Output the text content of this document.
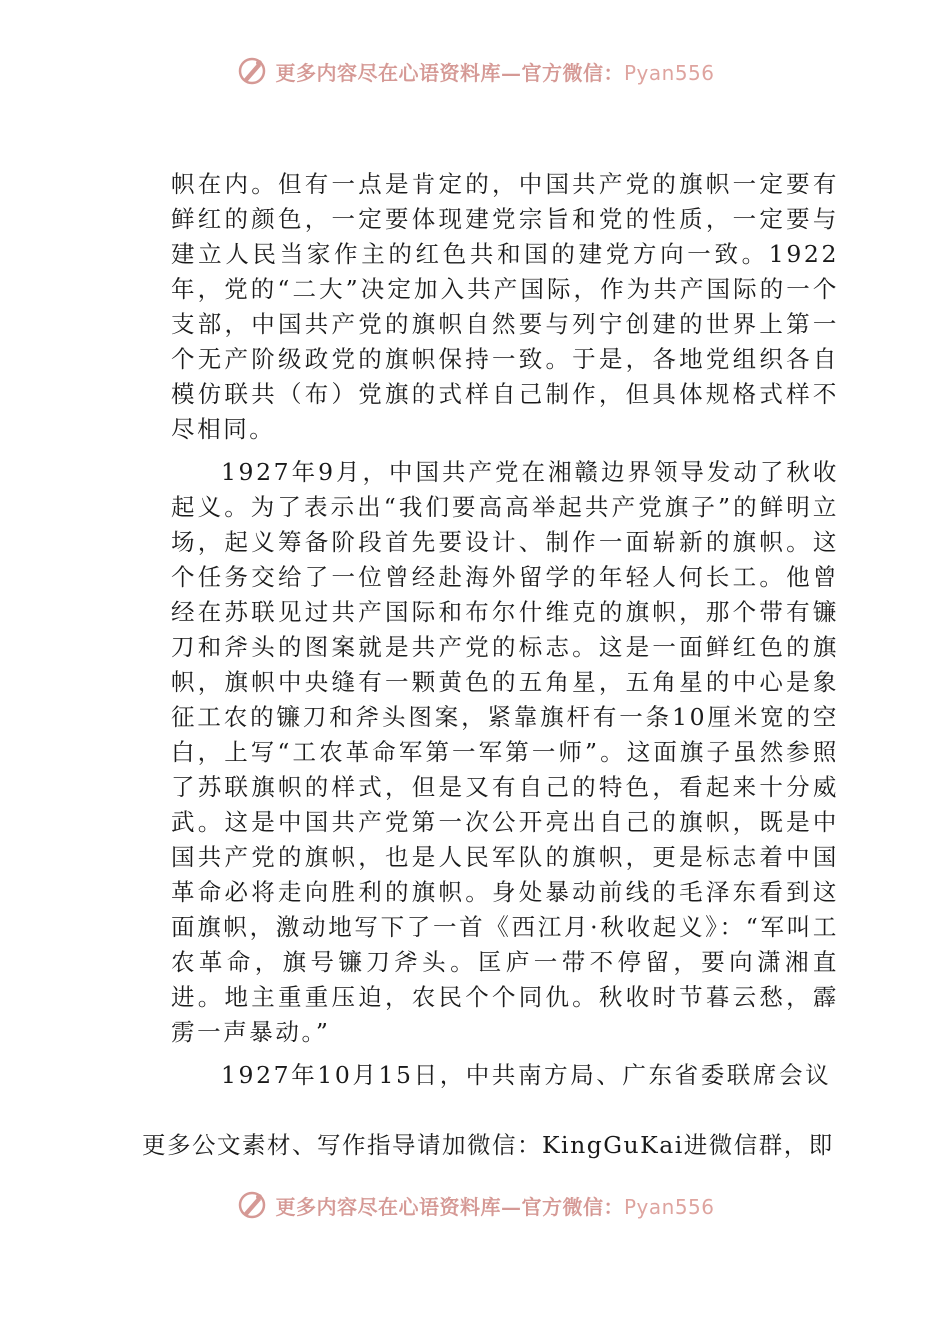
更多内容尽在心语资料库—官方微信：Pyan556

帜在内。但有一点是肯定的，中国共产党的旗帜一定要有鲜红的颜色，一定要体现建党宗旨和党的性质，一定要与建立人民当家作主的红色共和国的建党方向一致。1922年，党的“二大”决定加入共产国际，作为共产国际的一个支部，中国共产党的旗帜自然要与列宁创建的世界上第一个无产阶级政党的旗帜保持一致。于是，各地党组织各自模仿联共（布）党旗的式样自己制作，但具体规格式样不尽相同。

1927年9月，中国共产党在湘赣边界领导发动了秋收起义。为了表示出“我们要高高举起共产党旗子”的鲜明立场，起义筹备阶段首先要设计、制作一面崭新的旗帜。这个任务交给了一位曾经赴海外留学的年轻人何长工。他曾经在苏联见过共产国际和布尔什维克的旗帜，那个带有镰刀和斧头的图案就是共产党的标志。这是一面鲜红色的旗帜，旗帜中央缝有一颗黄色的五角星，五角星的中心是象征工农的镰刀和斧头图案，紧靠旗杆有一条10厘米宽的空白，上写“工农革命军第一军第一师”。这面旗子虽然参照了苏联旗帜的样式，但是又有自己的特色，看起来十分威武。这是中国共产党第一次公开亮出自己的旗帜，既是中国共产党的旗帜，也是人民军队的旗帜，更是标志着中国革命必将走向胜利的旗帜。身处暴动前线的毛泽东看到这面旗帜，激动地写下了一首《西江月·秋收起义》：“军叫工农革命，旗号镰刀斧头。匡庐一带不停留，要向潇湘直进。地主重重压迫，农民个个同仇。秋收时节暮云愁，霹雳一声暴动。”

1927年10月15日，中共南方局、广东省委联席会议

更多公文素材、写作指导请加微信：KingGuKai进微信群，即
更多内容尽在心语资料库—官方微信：Pyan556
